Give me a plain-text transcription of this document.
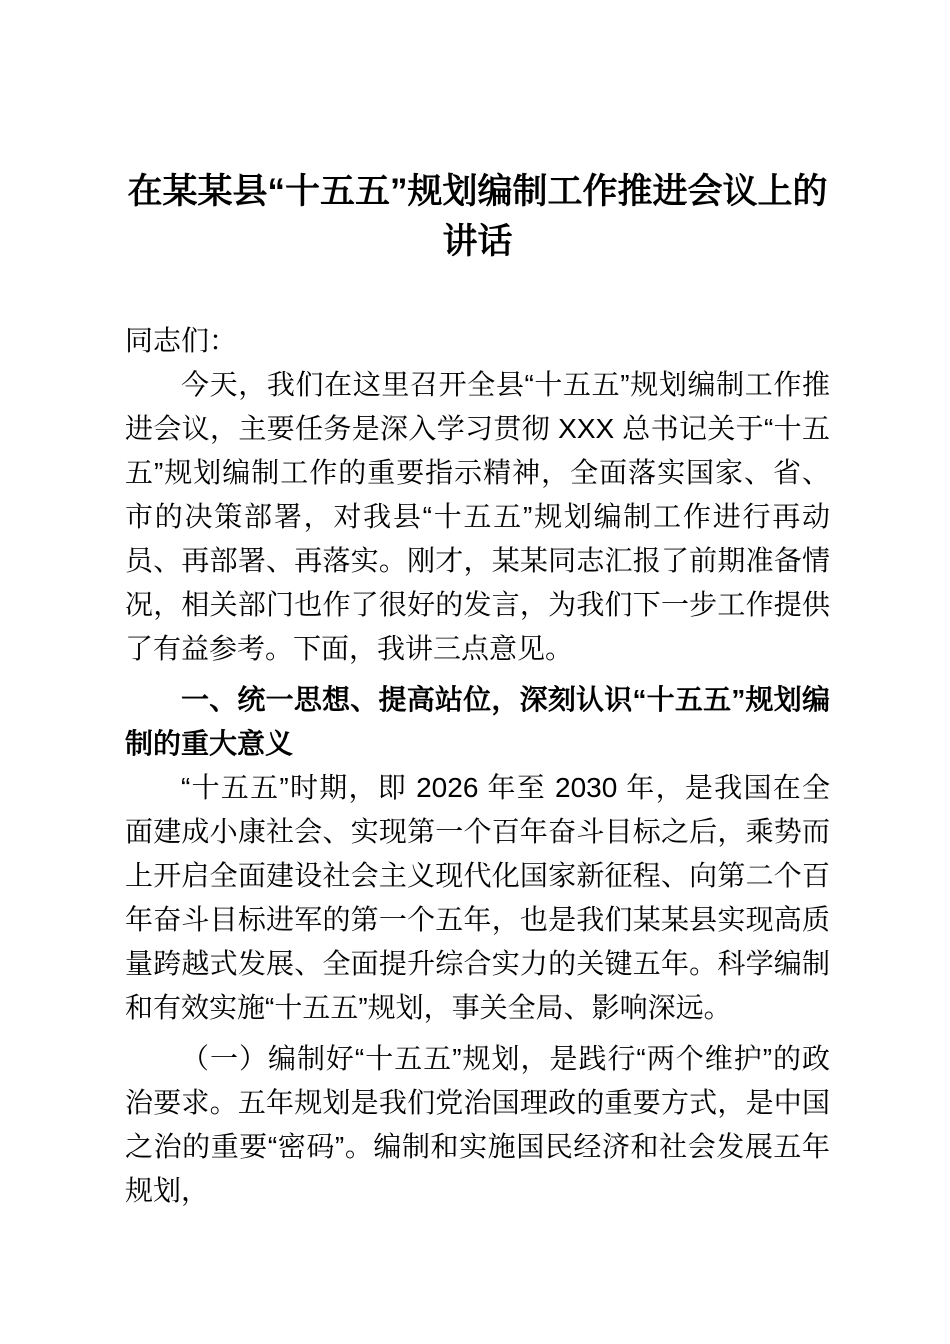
在某某县“十五五”规划编制工作推进会议上的讲话

同志们：

今天，我们在这里召开全县“十五五”规划编制工作推进会议，主要任务是深入学习贯彻 XXX 总书记关于“十五五”规划编制工作的重要指示精神，全面落实国家、省、市的决策部署，对我县“十五五”规划编制工作进行再动员、再部署、再落实。刚才，某某同志汇报了前期准备情况，相关部门也作了很好的发言，为我们下一步工作提供了有益参考。下面，我讲三点意见。

一、统一思想、提高站位，深刻认识“十五五”规划编制的重大意义

“十五五”时期，即 2026 年至 2030 年，是我国在全面建成小康社会、实现第一个百年奋斗目标之后，乘势而上开启全面建设社会主义现代化国家新征程、向第二个百年奋斗目标进军的第一个五年，也是我们某某县实现高质量跨越式发展、全面提升综合实力的关键五年。科学编制和有效实施“十五五”规划，事关全局、影响深远。

（一）编制好“十五五”规划，是践行“两个维护”的政治要求。五年规划是我们党治国理政的重要方式，是中国之治的重要“密码”。编制和实施国民经济和社会发展五年规划，
